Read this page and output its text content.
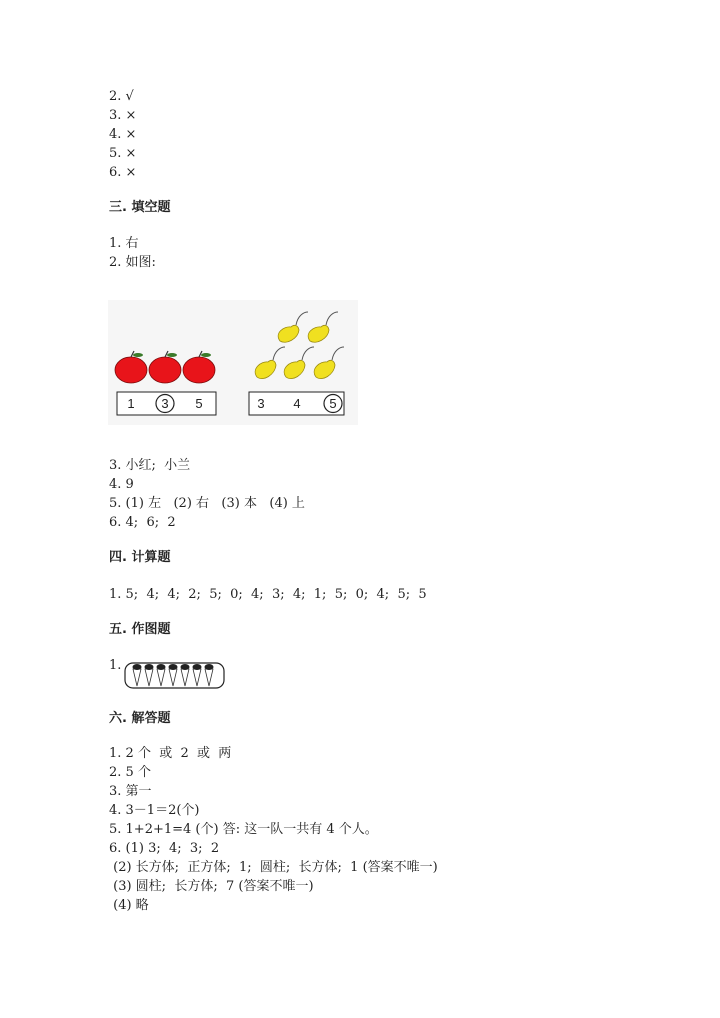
2. √
3. ×
4. ×
5. ×
6. ×
三. 填空题
1. 右
2. 如图:
1 3 5	3 4 5
3. 小红;  小兰
4. 9
5. (1) 左   (2) 右   (3) 本   (4) 上
6. 4;  6;  2
四. 计算题
1. 5;  4;  4;  2;  5;  0;  4;  3;  4;  1;  5;  0;  4;  5;  5
五. 作图题
1.
六. 解答题
1. 2 个  或  2  或  两
2. 5 个
3. 第一
4. 3－1＝2(个)
5. 1+2+1=4 (个) 答: 这一队一共有 4 个人。
6. (1) 3;  4;  3;  2
(2) 长方体;  正方体;  1;  圆柱;  长方体;  1 (答案不唯一)
(3) 圆柱;  长方体;  7 (答案不唯一)
(4) 略
